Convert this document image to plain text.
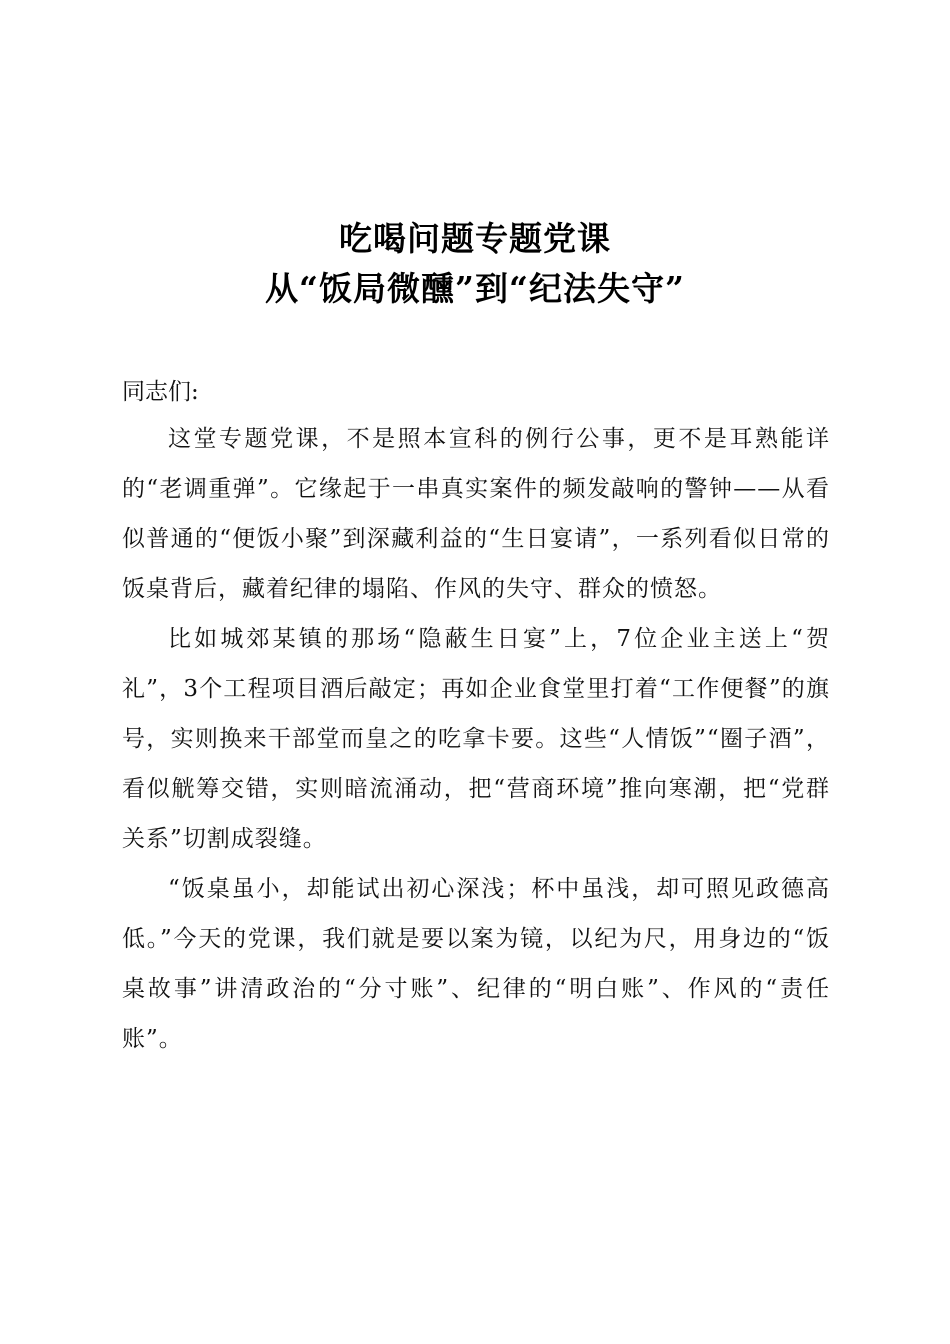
吃喝问题专题党课
从“饭局微醺”到“纪法失守”
同志们:

这堂专题党课，不是照本宣科的例行公事，更不是耳熟能详的“老调重弹”。它缘起于一串真实案件的频发敲响的警钟——从看似普通的“便饭小聚”到深藏利益的“生日宴请”，一系列看似日常的饭桌背后，藏着纪律的塌陷、作风的失守、群众的愤怒。

比如城郊某镇的那场“隐蔽生日宴”上，7位企业主送上“贺礼”，3个工程项目酒后敲定；再如企业食堂里打着“工作便餐”的旗号，实则换来干部堂而皇之的吃拿卡要。这些“人情饭”“圈子酒”，看似觥筹交错，实则暗流涌动，把“营商环境”推向寒潮，把“党群关系”切割成裂缝。

“饭桌虽小，却能试出初心深浅；杯中虽浅，却可照见政德高低。”今天的党课，我们就是要以案为镜，以纪为尺，用身边的“饭桌故事”讲清政治的“分寸账”、纪律的“明白账”、作风的“责任账”。
